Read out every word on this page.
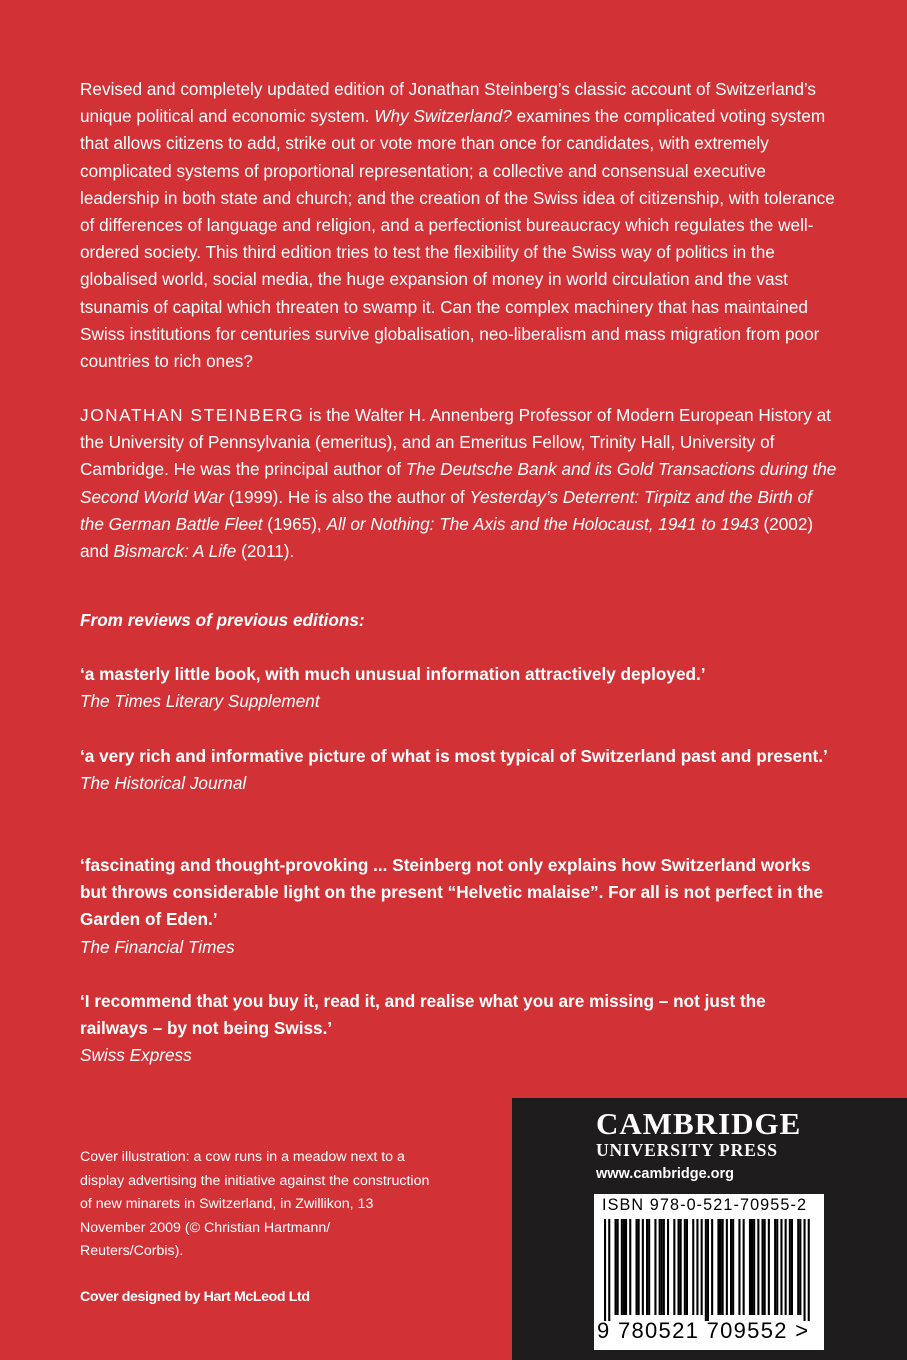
Revised and completely updated edition of Jonathan Steinberg’s classic account of Switzerland’s unique political and economic system. Why Switzerland? examines the complicated voting system that allows citizens to add, strike out or vote more than once for candidates, with extremely complicated systems of proportional representation; a collective and consensual executive leadership in both state and church; and the creation of the Swiss idea of citizenship, with tolerance of differences of language and religion, and a perfectionist bureaucracy which regulates the well-ordered society. This third edition tries to test the flexibility of the Swiss way of politics in the globalised world, social media, the huge expansion of money in world circulation and the vast tsunamis of capital which threaten to swamp it. Can the complex machinery that has maintained Swiss institutions for centuries survive globalisation, neo-liberalism and mass migration from poor countries to rich ones?

JONATHAN STEINBERG is the Walter H. Annenberg Professor of Modern European History at the University of Pennsylvania (emeritus), and an Emeritus Fellow, Trinity Hall, University of Cambridge. He was the principal author of The Deutsche Bank and its Gold Transactions during the Second World War (1999). He is also the author of Yesterday’s Deterrent: Tirpitz and the Birth of the German Battle Fleet (1965), All or Nothing: The Axis and the Holocaust, 1941 to 1943 (2002) and Bismarck: A Life (2011).

From reviews of previous editions:

‘a masterly little book, with much unusual information attractively deployed.’

The Times Literary Supplement

‘a very rich and informative picture of what is most typical of Switzerland past and present.’

The Historical Journal

‘fascinating and thought-provoking ... Steinberg not only explains how Switzerland works but throws considerable light on the present “Helvetic malaise”. For all is not perfect in the Garden of Eden.’

The Financial Times

‘I recommend that you buy it, read it, and realise what you are missing – not just the railways – by not being Swiss.’

Swiss Express

Cover illustration: a cow runs in a meadow next to a display advertising the initiative against the construction of new minarets in Switzerland, in Zwillikon, 13 November 2009 (© Christian Hartmann/ Reuters/Corbis).

Cover designed by Hart McLeod Ltd

CAMBRIDGE
UNIVERSITY PRESS
www.cambridge.org
ISBN 978-0-521-70955-2
9 780521 709552 >
